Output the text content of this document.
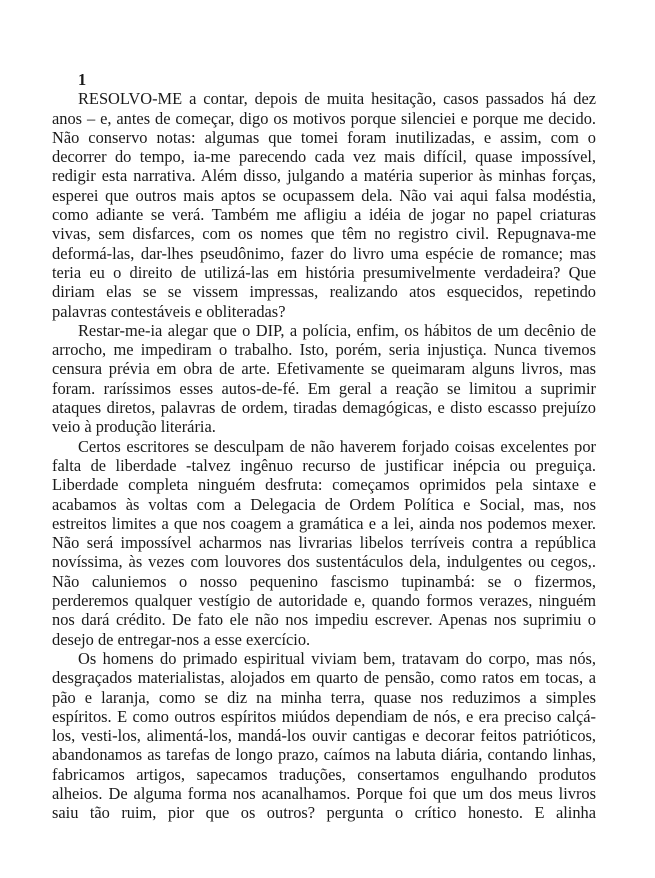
1
RESOLVO-ME a contar, depois de muita hesitação, casos passados há dez
anos – e, antes de começar, digo os motivos porque silenciei e porque me decido.
Não conservo notas: algumas que tomei foram inutilizadas, e assim, com o
decorrer do tempo, ia-me parecendo cada vez mais difícil, quase impossível,
redigir esta narrativa. Além disso, julgando a matéria superior às minhas forças,
esperei que outros mais aptos se ocupassem dela. Não vai aqui falsa modéstia,
como adiante se verá. Também me afligiu a idéia de jogar no papel criaturas
vivas, sem disfarces, com os nomes que têm no registro civil. Repugnava-me
deformá-las, dar-lhes pseudônimo, fazer do livro uma espécie de romance; mas
teria eu o direito de utilizá-las em história presumivelmente verdadeira? Que
diriam elas se se vissem impressas, realizando atos esquecidos, repetindo
palavras contestáveis e obliteradas?
Restar-me-ia alegar que o DIP, a polícia, enfim, os hábitos de um decênio de
arrocho, me impediram o trabalho. Isto, porém, seria injustiça. Nunca tivemos
censura prévia em obra de arte. Efetivamente se queimaram alguns livros, mas
foram. raríssimos esses autos-de-fé. Em geral a reação se limitou a suprimir
ataques diretos, palavras de ordem, tiradas demagógicas, e disto escasso prejuízo
veio à produção literária.
Certos escritores se desculpam de não haverem forjado coisas excelentes por
falta de liberdade -talvez ingênuo recurso de justificar inépcia ou preguiça.
Liberdade completa ninguém desfruta: começamos oprimidos pela sintaxe e
acabamos às voltas com a Delegacia de Ordem Política e Social, mas, nos
estreitos limites a que nos coagem a gramática e a lei, ainda nos podemos mexer.
Não será impossível acharmos nas livrarias libelos terríveis contra a república
novíssima, às vezes com louvores dos sustentáculos dela, indulgentes ou cegos,.
Não caluniemos o nosso pequenino fascismo tupinambá: se o fizermos,
perderemos qualquer vestígio de autoridade e, quando formos verazes, ninguém
nos dará crédito. De fato ele não nos impediu escrever. Apenas nos suprimiu o
desejo de entregar-nos a esse exercício.
Os homens do primado espiritual viviam bem, tratavam do corpo, mas nós,
desgraçados materialistas, alojados em quarto de pensão, como ratos em tocas, a
pão e laranja, como se diz na minha terra, quase nos reduzimos a simples
espíritos. E como outros espíritos miúdos dependiam de nós, e era preciso calçá-
los, vesti-los, alimentá-los, mandá-los ouvir cantigas e decorar feitos patrióticos,
abandonamos as tarefas de longo prazo, caímos na labuta diária, contando linhas,
fabricamos artigos, sapecamos traduções, consertamos engulhando produtos
alheios. De alguma forma nos acanalhamos. Porque foi que um dos meus livros
saiu tão ruim, pior que os outros? pergunta o crítico honesto. E alinha
